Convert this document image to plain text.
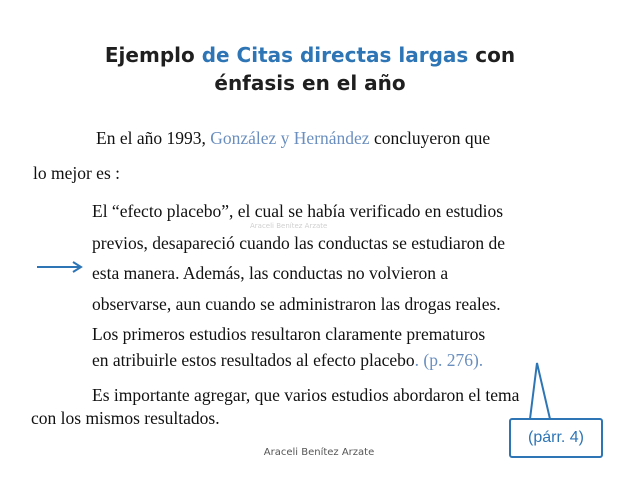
Ejemplo de Citas directas largas con
énfasis en el año
En el año 1993, González y Hernández concluyeron que
lo mejor es :
Araceli Benítez Arzate
El “efecto placebo”, el cual se había verificado en estudios
previos, desapareció cuando las conductas se estudiaron de
esta manera. Además, las conductas no volvieron a
observarse, aun cuando se administraron las drogas reales.
Los primeros estudios resultaron claramente prematuros
en atribuirle estos resultados al efecto placebo. (p. 276).
Es importante agregar, que varios estudios abordaron el tema
con los mismos resultados.
(párr. 4)
Araceli Benítez Arzate
